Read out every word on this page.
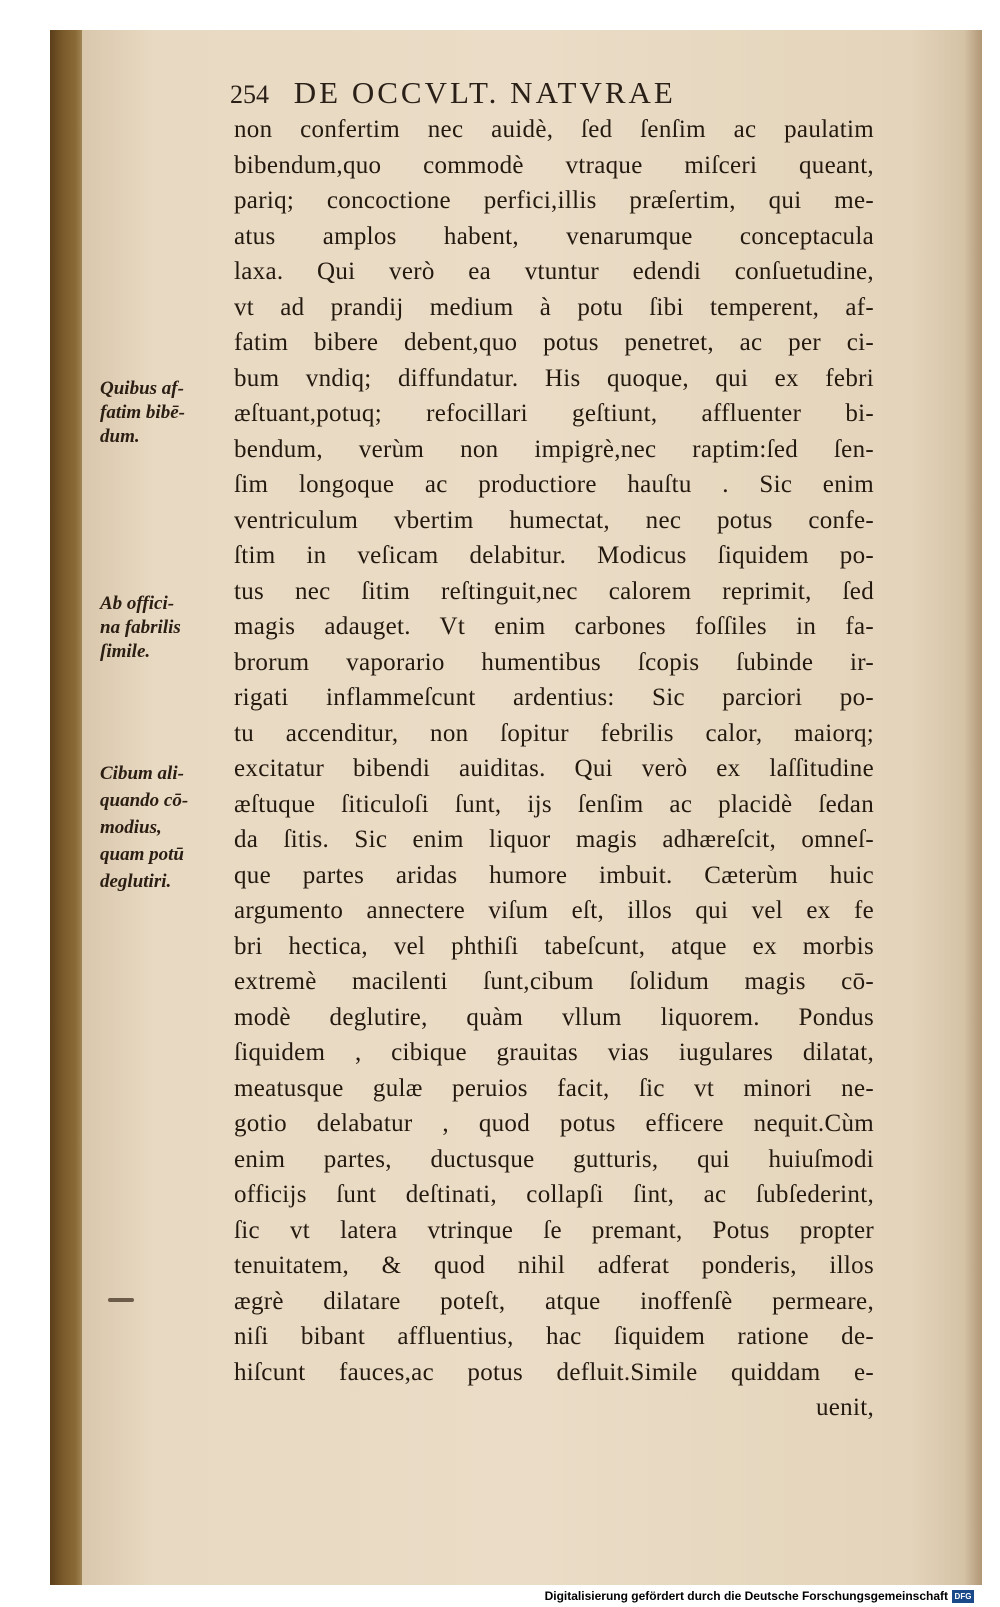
254 DE OCCVLT. NATVRAE
non confertim nec auidè, ſed ſenſim ac paulatim
bibendum,quo commodè vtraque miſceri queant,
pariq; concoctione perfici,illis præſertim, qui me-
atus amplos habent, venarumque conceptacula
laxa. Qui verò ea vtuntur edendi conſuetudine,
vt ad prandij medium à potu ſibi temperent, af-
fatim bibere debent,quo potus penetret, ac per ci-
bum vndiq; diffundatur. His quoque, qui ex febri
æſtuant,potuq; refocillari geſtiunt, affluenter bi-
bendum, verùm non impigrè,nec raptim:ſed ſen-
ſim longoque ac productiore hauſtu . Sic enim
ventriculum vbertim humectat, nec potus confe-
ſtim in veſicam delabitur. Modicus ſiquidem po-
tus nec ſitim reſtinguit,nec calorem reprimit, ſed
magis adauget. Vt enim carbones foſſiles in fa-
brorum vaporario humentibus ſcopis ſubinde ir-
rigati inflammeſcunt ardentius: Sic parciori po-
tu accenditur, non ſopitur febrilis calor, maiorq;
excitatur bibendi auiditas. Qui verò ex laſſitudine
æſtuque ſiticuloſi ſunt, ijs ſenſim ac placidè ſedan
da ſitis. Sic enim liquor magis adhæreſcit, omneſ-
que partes aridas humore imbuit. Cæterùm huic
argumento annectere viſum eſt, illos qui vel ex fe
bri hectica, vel phthiſi tabeſcunt, atque ex morbis
extremè macilenti ſunt,cibum ſolidum magis cō-
modè deglutire, quàm vllum liquorem. Pondus
ſiquidem , cibique grauitas vias iugulares dilatat,
meatusque gulæ peruios facit, ſic vt minori ne-
gotio delabatur , quod potus efficere nequit.Cùm
enim partes, ductusque gutturis, qui huiuſmodi
officijs ſunt deſtinati, collapſi ſint, ac ſubſederint,
ſic vt latera vtrinque ſe premant, Potus propter
tenuitatem, & quod nihil adferat ponderis, illos
ægrè dilatare poteſt, atque inoffenſè permeare,
niſi bibant affluentius, hac ſiquidem ratione de-
hiſcunt fauces,ac potus defluit.Simile quiddam e-
uenit,
Quibus af-
fatim bibē-
dum.
Ab offici-
na fabrilis
ſimile.
Cibum ali-
quando cō-
modius,
quam potū
deglutiri.
Digitalisierung gefördert durch die Deutsche Forschungsgemeinschaft DFG
